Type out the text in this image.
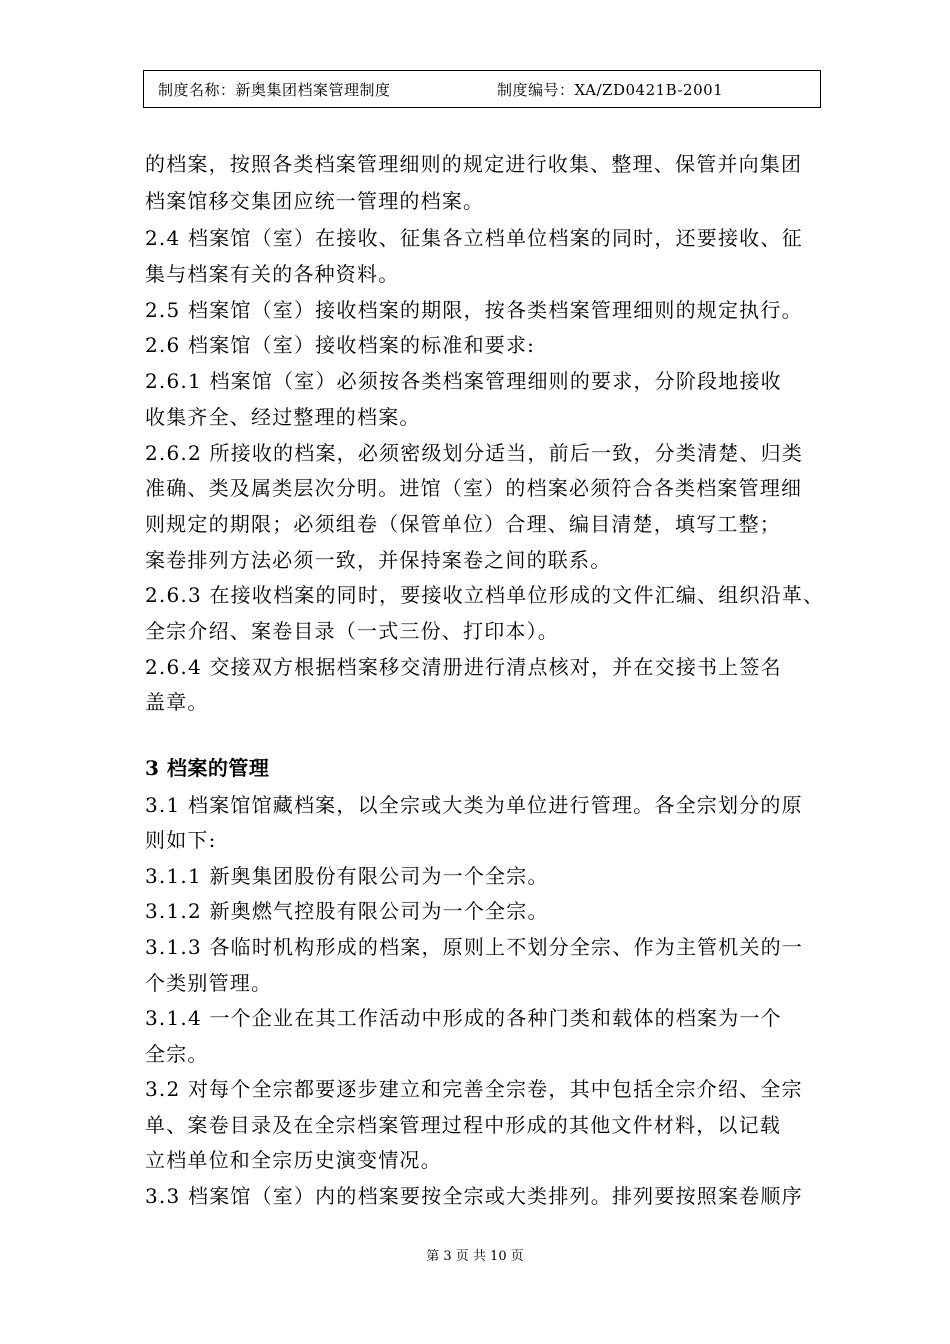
制度名称：新奥集团档案管理制度	制度编号：XA/ZD0421B-2001
的档案，按照各类档案管理细则的规定进行收集、整理、保管并向集团
档案馆移交集团应统一管理的档案。
2.4 档案馆（室）在接收、征集各立档单位档案的同时，还要接收、征
集与档案有关的各种资料。
2.5 档案馆（室）接收档案的期限，按各类档案管理细则的规定执行。
2.6 档案馆（室）接收档案的标准和要求:
2.6.1 档案馆（室）必须按各类档案管理细则的要求，分阶段地接收
收集齐全、经过整理的档案。
2.6.2 所接收的档案，必须密级划分适当，前后一致，分类清楚、归类
准确、类及属类层次分明。进馆（室）的档案必须符合各类档案管理细
则规定的期限；必须组卷（保管单位）合理、编目清楚，填写工整；
案卷排列方法必须一致，并保持案卷之间的联系。
2.6.3 在接收档案的同时，要接收立档单位形成的文件汇编、组织沿革、
全宗介绍、案卷目录（一式三份、打印本）。
2.6.4 交接双方根据档案移交清册进行清点核对，并在交接书上签名
盖章。
3 档案的管理
3.1 档案馆馆藏档案，以全宗或大类为单位进行管理。各全宗划分的原
则如下:
3.1.1 新奥集团股份有限公司为一个全宗。
3.1.2 新奥燃气控股有限公司为一个全宗。
3.1.3 各临时机构形成的档案，原则上不划分全宗、作为主管机关的一
个类别管理。
3.1.4 一个企业在其工作活动中形成的各种门类和载体的档案为一个
全宗。
3.2 对每个全宗都要逐步建立和完善全宗卷，其中包括全宗介绍、全宗
单、案卷目录及在全宗档案管理过程中形成的其他文件材料，以记载
立档单位和全宗历史演变情况。
3.3 档案馆（室）内的档案要按全宗或大类排列。排列要按照案卷顺序
第 3 页 共 10 页
